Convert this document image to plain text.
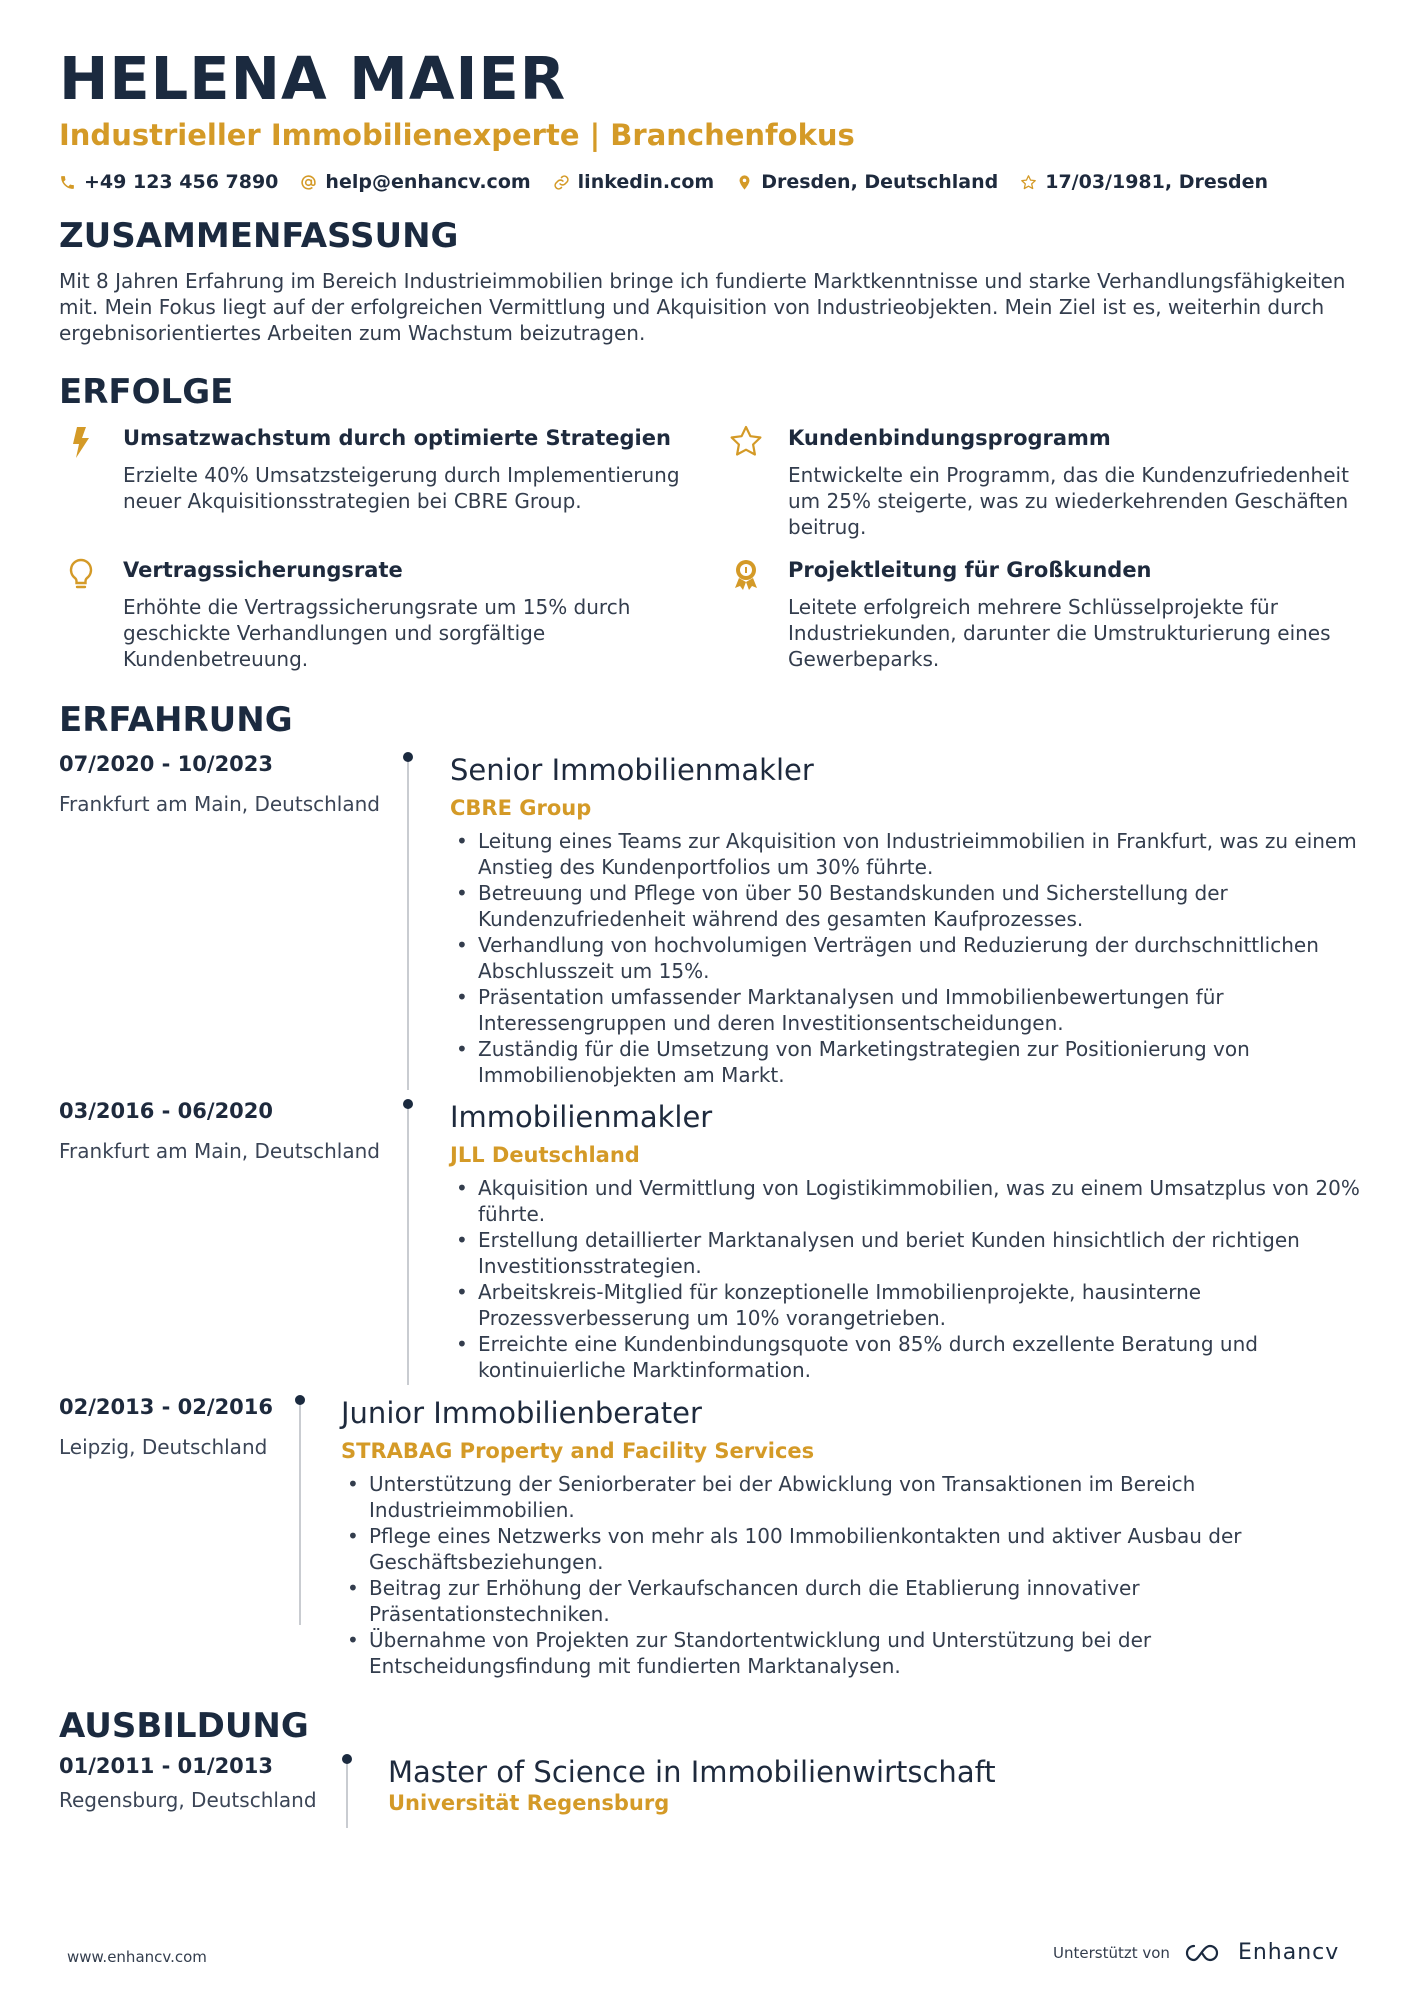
HELENA MAIER
Industrieller Immobilienexperte | Branchenfokus
+49 123 456 7890 help@enhancv.com linkedin.com Dresden, Deutschland 17/03/1981, Dresden
ZUSAMMENFASSUNG
Mit 8 Jahren Erfahrung im Bereich Industrieimmobilien bringe ich fundierte Marktkenntnisse und starke Verhandlungsfähigkeiten mit. Mein Fokus liegt auf der erfolgreichen Vermittlung und Akquisition von Industrieobjekten. Mein Ziel ist es, weiterhin durch ergebnisorientiertes Arbeiten zum Wachstum beizutragen.
ERFOLGE
Umsatzwachstum durch optimierte Strategien
Erzielte 40% Umsatzsteigerung durch Implementierung neuer Akquisitionsstrategien bei CBRE Group.
Kundenbindungsprogramm
Entwickelte ein Programm, das die Kundenzufriedenheit um 25% steigerte, was zu wiederkehrenden Geschäften beitrug.
Vertragssicherungsrate
Erhöhte die Vertragssicherungsrate um 15% durch geschickte Verhandlungen und sorgfältige Kundenbetreuung.
Projektleitung für Großkunden
Leitete erfolgreich mehrere Schlüsselprojekte für Industriekunden, darunter die Umstrukturierung eines Gewerbeparks.
ERFAHRUNG
07/2020 - 10/2023
Frankfurt am Main, Deutschland
Senior Immobilienmakler
CBRE Group
• Leitung eines Teams zur Akquisition von Industrieimmobilien in Frankfurt, was zu einem Anstieg des Kundenportfolios um 30% führte.
• Betreuung und Pflege von über 50 Bestandskunden und Sicherstellung der Kundenzufriedenheit während des gesamten Kaufprozesses.
• Verhandlung von hochvolumigen Verträgen und Reduzierung der durchschnittlichen Abschlusszeit um 15%.
• Präsentation umfassender Marktanalysen und Immobilienbewertungen für Interessengruppen und deren Investitionsentscheidungen.
• Zuständig für die Umsetzung von Marketingstrategien zur Positionierung von Immobilienobjekten am Markt.
03/2016 - 06/2020
Frankfurt am Main, Deutschland
Immobilienmakler
JLL Deutschland
• Akquisition und Vermittlung von Logistikimmobilien, was zu einem Umsatzplus von 20% führte.
• Erstellung detaillierter Marktanalysen und beriet Kunden hinsichtlich der richtigen Investitionsstrategien.
• Arbeitskreis-Mitglied für konzeptionelle Immobilienprojekte, hausinterne Prozessverbesserung um 10% vorangetrieben.
• Erreichte eine Kundenbindungsquote von 85% durch exzellente Beratung und kontinuierliche Marktinformation.
02/2013 - 02/2016
Leipzig, Deutschland
Junior Immobilienberater
STRABAG Property and Facility Services
• Unterstützung der Seniorberater bei der Abwicklung von Transaktionen im Bereich Industrieimmobilien.
• Pflege eines Netzwerks von mehr als 100 Immobilienkontakten und aktiver Ausbau der Geschäftsbeziehungen.
• Beitrag zur Erhöhung der Verkaufschancen durch die Etablierung innovativer Präsentationstechniken.
• Übernahme von Projekten zur Standortentwicklung und Unterstützung bei der Entscheidungsfindung mit fundierten Marktanalysen.
AUSBILDUNG
01/2011 - 01/2013
Regensburg, Deutschland
Master of Science in Immobilienwirtschaft
Universität Regensburg
www.enhancv.com	Unterstützt von	Enhancv
